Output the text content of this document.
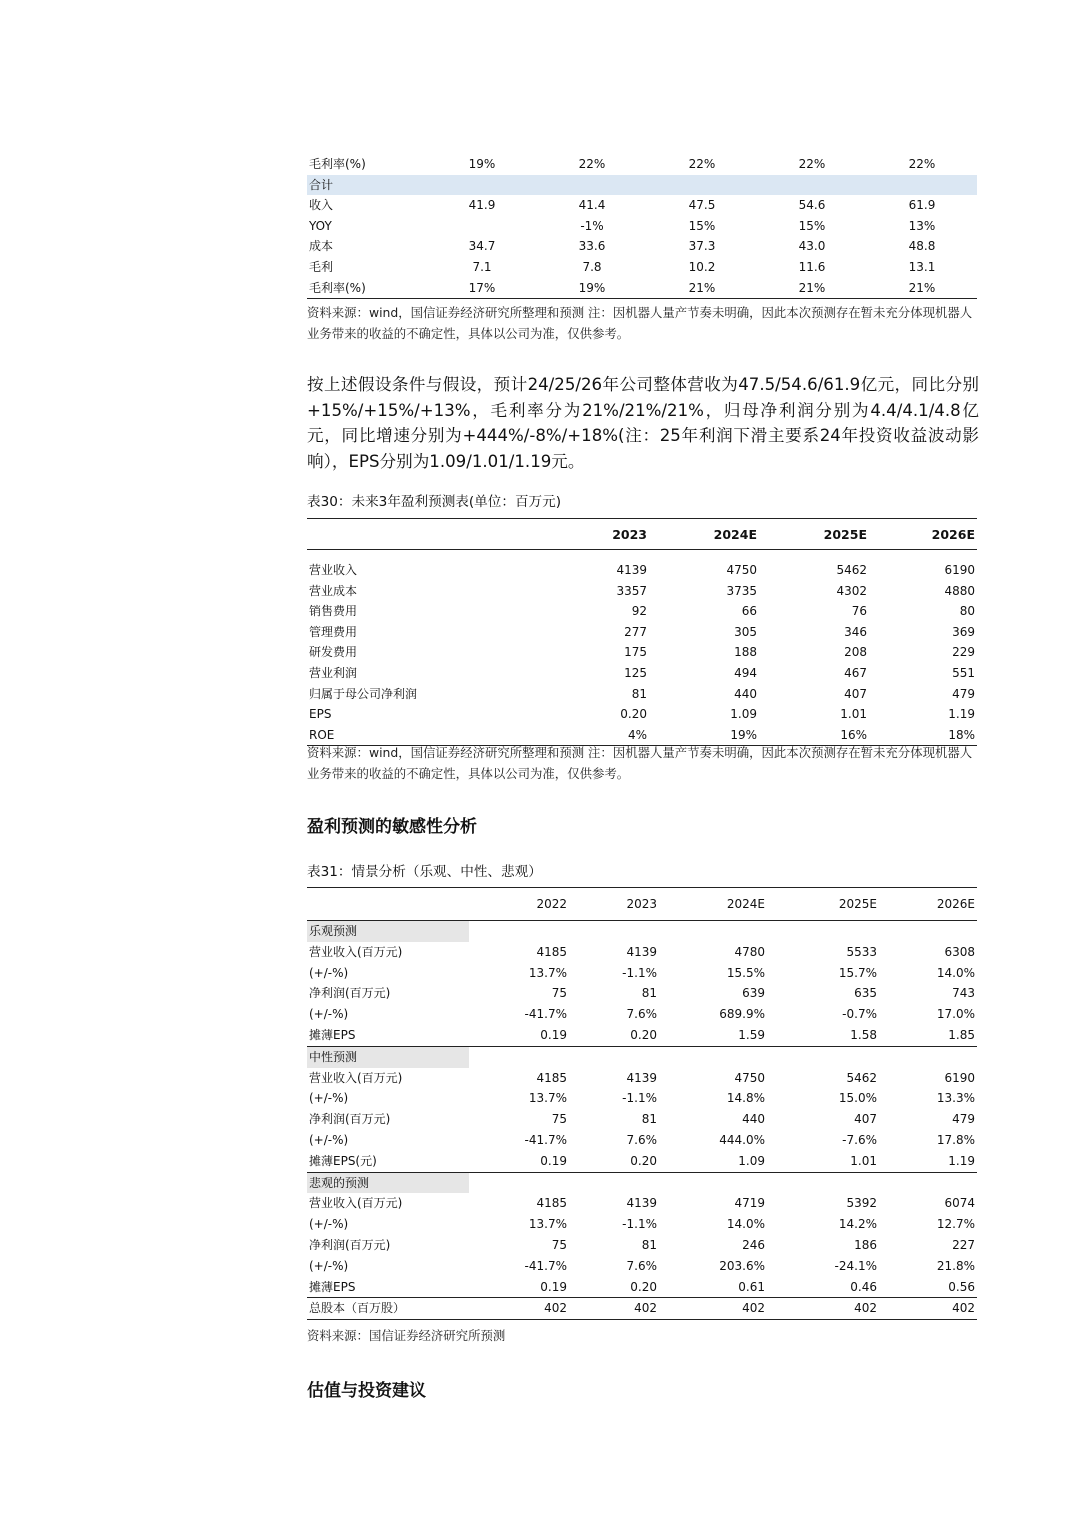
毛利率(%)	19%	22%	22%	22%	22%
合计					
收入	41.9	41.4	47.5	54.6	61.9
YOY		-1%	15%	15%	13%
成本	34.7	33.6	37.3	43.0	48.8
毛利	7.1	7.8	10.2	11.6	13.1
毛利率(%)	17%	19%	21%	21%	21%
资料来源：wind，国信证券经济研究所整理和预测 注：因机器人量产节奏未明确，因此本次预测存在暂未充分体现机器人业务带来的收益的不确定性，具体以公司为准，仅供参考。
按上述假设条件与假设，预计24/25/26年公司整体营收为47.5/54.6/61.9亿元，同比分别+15%/+15%/+13%，毛利率分为21%/21%/21%，归母净利润分别为4.4/4.1/4.8亿元，同比增速分别为+444%/-8%/+18%(注：25年利润下滑主要系24年投资收益波动影响），EPS分别为1.09/1.01/1.19元。
表30：未来3年盈利预测表(单位：百万元)
	2023	2024E	2025E	2026E

营业收入	4139	4750	5462	6190
营业成本	3357	3735	4302	4880
销售费用	92	66	76	80
管理费用	277	305	346	369
研发费用	175	188	208	229
营业利润	125	494	467	551
归属于母公司净利润	81	440	407	479
EPS	0.20	1.09	1.01	1.19
ROE	4%	19%	16%	18%
资料来源：wind，国信证券经济研究所整理和预测 注：因机器人量产节奏未明确，因此本次预测存在暂未充分体现机器人业务带来的收益的不确定性，具体以公司为准，仅供参考。
盈利预测的敏感性分析
表31：情景分析（乐观、中性、悲观）
	2022	2023	2024E	2025E	2026E
乐观预测					
营业收入(百万元)	4185	4139	4780	5533	6308
(+/-%)	13.7%	-1.1%	15.5%	15.7%	14.0%
净利润(百万元)	75	81	639	635	743
(+/-%)	-41.7%	7.6%	689.9%	-0.7%	17.0%
摊薄EPS	0.19	0.20	1.59	1.58	1.85
中性预测					
营业收入(百万元)	4185	4139	4750	5462	6190
(+/-%)	13.7%	-1.1%	14.8%	15.0%	13.3%
净利润(百万元)	75	81	440	407	479
(+/-%)	-41.7%	7.6%	444.0%	-7.6%	17.8%
摊薄EPS(元)	0.19	0.20	1.09	1.01	1.19
悲观的预测					
营业收入(百万元)	4185	4139	4719	5392	6074
(+/-%)	13.7%	-1.1%	14.0%	14.2%	12.7%
净利润(百万元)	75	81	246	186	227
(+/-%)	-41.7%	7.6%	203.6%	-24.1%	21.8%
摊薄EPS	0.19	0.20	0.61	0.46	0.56
总股本（百万股）	402	402	402	402	402
资料来源：国信证券经济研究所预测
估值与投资建议
